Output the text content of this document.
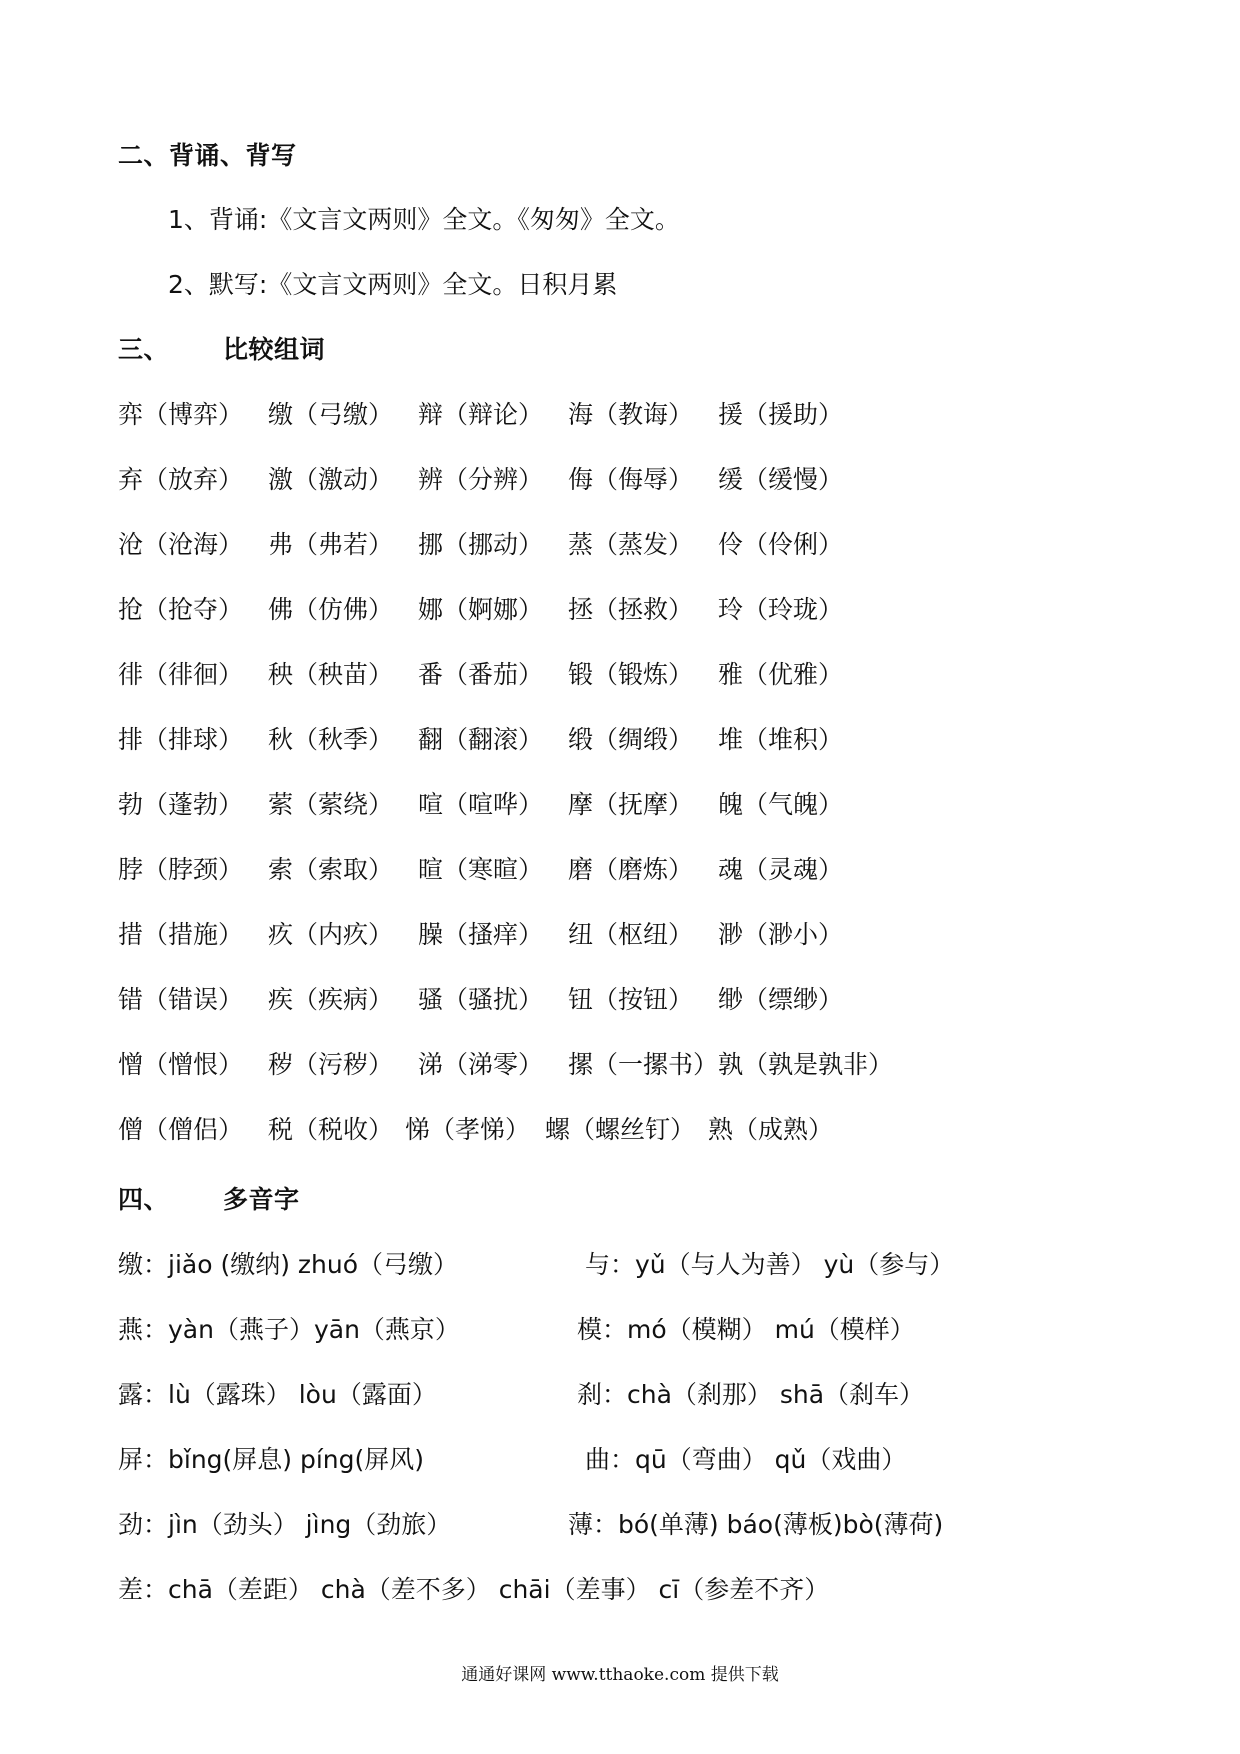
二、背诵、背写
1、背诵:《文言文两则》全文。《匆匆》全文。
2、默写:《文言文两则》全文。日积月累
三、 比较组词
弈（博弈） 缴（弓缴） 辩（辩论） 海（教诲） 援（援助）
弃（放弃） 激（激动） 辨（分辨） 侮（侮辱） 缓（缓慢）
沧（沧海） 弗（弗若） 挪（挪动） 蒸（蒸发） 伶（伶俐）
抢（抢夺） 佛（仿佛） 娜（婀娜） 拯（拯救） 玲（玲珑）
徘（徘徊） 秧（秧苗） 番（番茄） 锻（锻炼） 雅（优雅）
排（排球） 秋（秋季） 翻（翻滚） 缎（绸缎） 堆（堆积）
勃（蓬勃） 萦（萦绕） 喧（喧哗） 摩（抚摩） 魄（气魄）
脖（脖颈） 索（索取） 暄（寒暄） 磨（磨炼） 魂（灵魂）
措（措施） 疚（内疚） 臊（搔痒） 纽（枢纽） 渺（渺小）
错（错误） 疾（疾病） 骚（骚扰） 钮（按钮） 缈（缥缈）
憎（憎恨） 秽（污秽） 涕（涕零） 摞（一摞书） 孰（孰是孰非）
僧（僧侣） 税（税收） 悌（孝悌） 螺（螺丝钉） 熟（成熟）
四、 多音字
缴：jiǎo (缴纳) zhuó（弓缴）	与：yǔ（与人为善） yù（参与）
燕：yàn（燕子）yān（燕京）	模：mó（模糊） mú（模样）
露：lù（露珠） lòu（露面）	刹：chà（刹那） shā（刹车）
屏：bǐng(屏息) píng(屏风)	曲：qū（弯曲） qǔ（戏曲）
劲：jìn（劲头） jìng（劲旅）	薄：bó(单薄) báo(薄板)bò(薄荷)
差：chā（差距） chà（差不多） chāi（差事） cī（参差不齐）
通通好课网 www.tthaoke.com 提供下载
